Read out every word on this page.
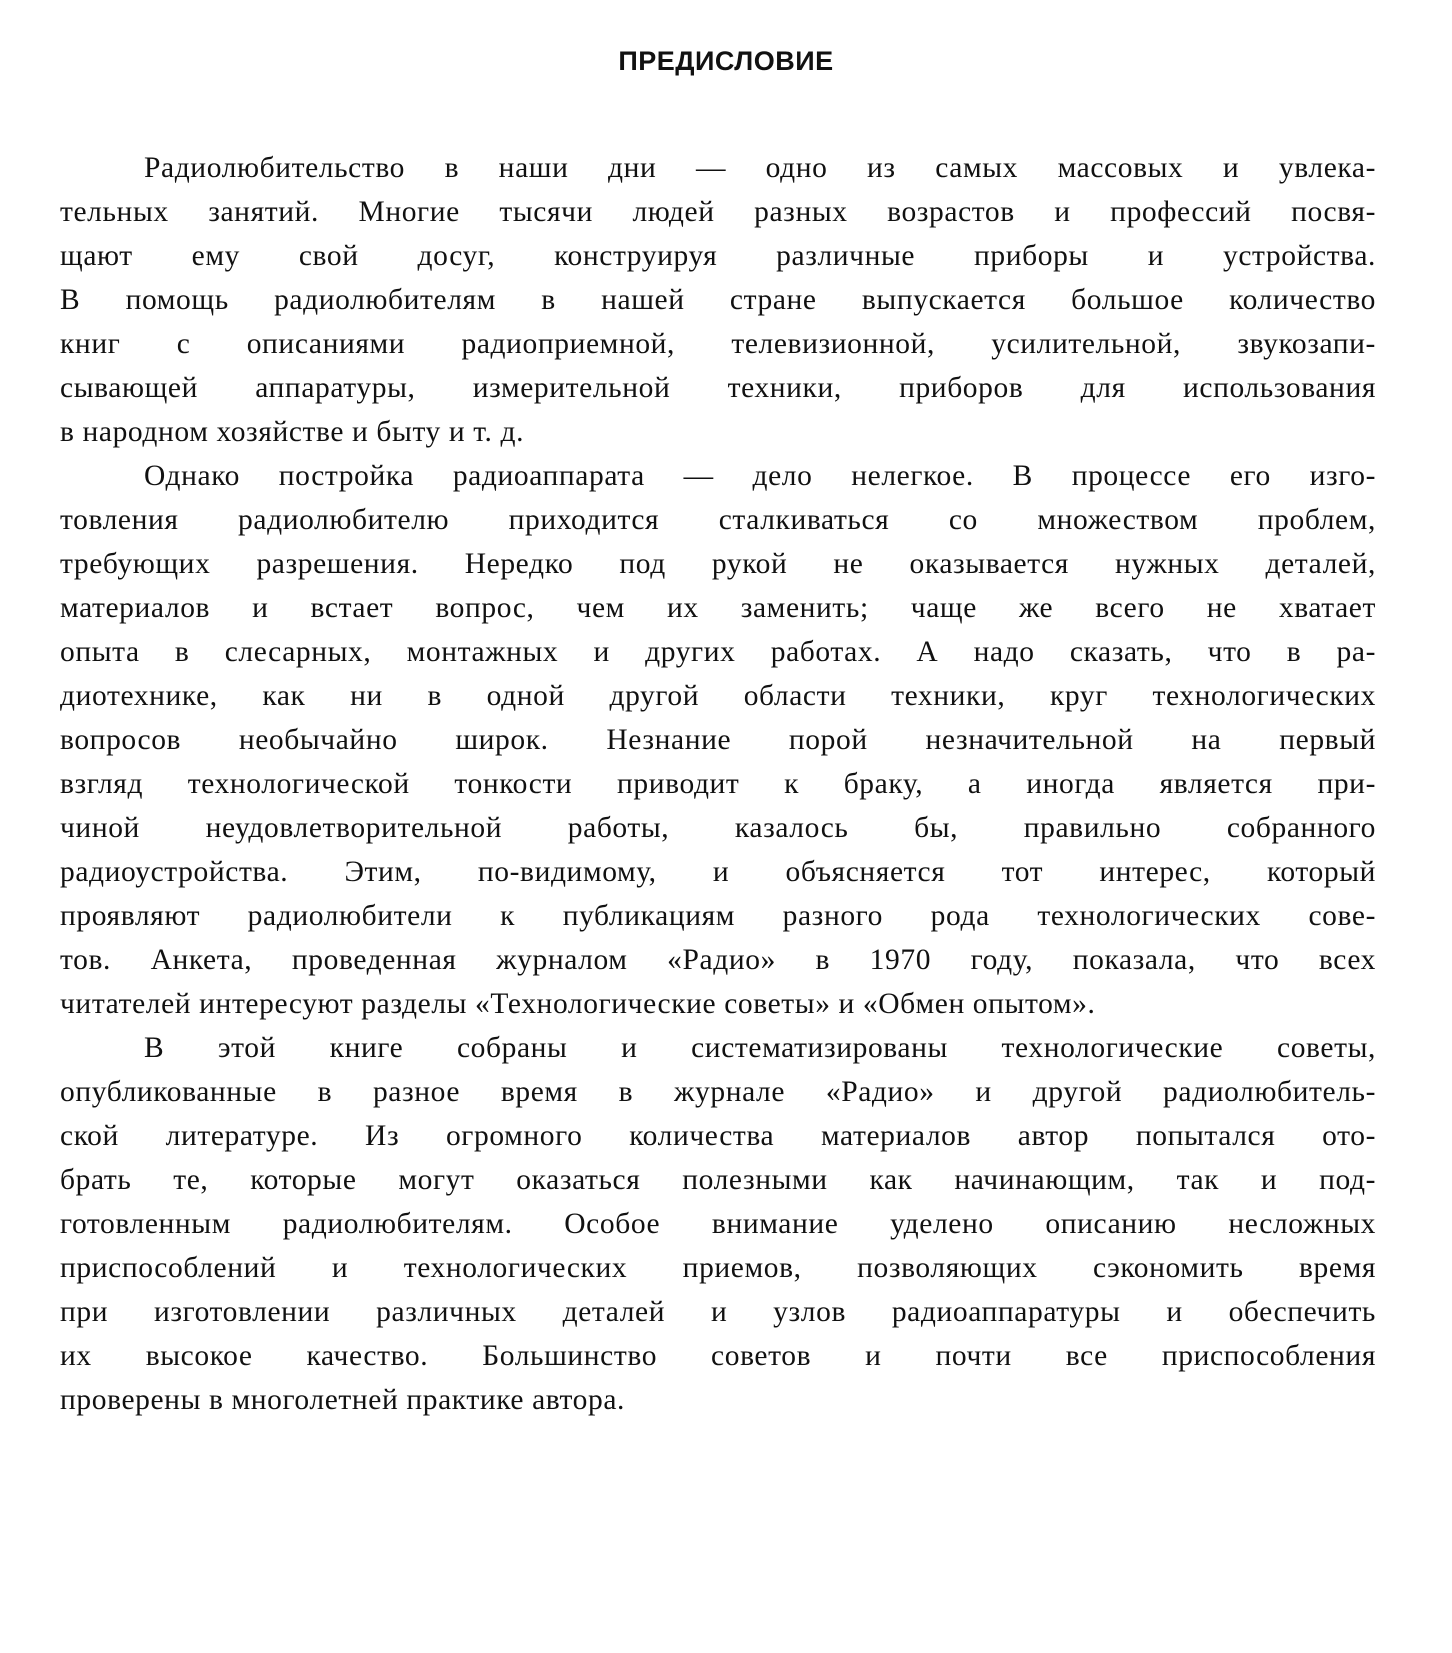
ПРЕДИСЛОВИЕ
Радиолюбительство в наши дни — одно из самых массовых и увлека-
тельных занятий. Многие тысячи людей разных возрастов и профессий посвя-
щают ему свой досуг, конструируя различные приборы и устройства.
В помощь радиолюбителям в нашей стране выпускается большое количество
книг с описаниями радиоприемной, телевизионной, усилительной, звукозапи-
сывающей аппаратуры, измерительной техники, приборов для использования
в народном хозяйстве и быту и т. д.
Однако постройка радиоаппарата — дело нелегкое. В процессе его изго-
товления радиолюбителю приходится сталкиваться со множеством проблем,
требующих разрешения. Нередко под рукой не оказывается нужных деталей,
материалов и встает вопрос, чем их заменить; чаще же всего не хватает
опыта в слесарных, монтажных и других работах. А надо сказать, что в ра-
диотехнике, как ни в одной другой области техники, круг технологических
вопросов необычайно широк. Незнание порой незначительной на первый
взгляд технологической тонкости приводит к браку, а иногда является при-
чиной неудовлетворительной работы, казалось бы, правильно собранного
радиоустройства. Этим, по-видимому, и объясняется тот интерес, который
проявляют радиолюбители к публикациям разного рода технологических сове-
тов. Анкета, проведенная журналом «Радио» в 1970 году, показала, что всех
читателей интересуют разделы «Технологические советы» и «Обмен опытом».
В этой книге собраны и систематизированы технологические советы,
опубликованные в разное время в журнале «Радио» и другой радиолюбитель-
ской литературе. Из огромного количества материалов автор попытался ото-
брать те, которые могут оказаться полезными как начинающим, так и под-
готовленным радиолюбителям. Особое внимание уделено описанию несложных
приспособлений и технологических приемов, позволяющих сэкономить время
при изготовлении различных деталей и узлов радиоаппаратуры и обеспечить
их высокое качество. Большинство советов и почти все приспособления
проверены в многолетней практике автора.
